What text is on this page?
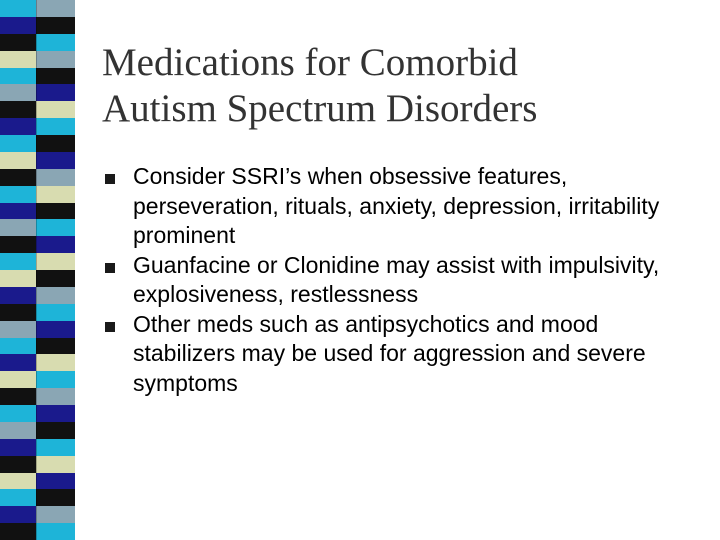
Medications for Comorbid
Autism Spectrum Disorders
Consider SSRI’s when obsessive features, perseveration, rituals, anxiety, depression, irritability prominent
Guanfacine or Clonidine may assist with impulsivity, explosiveness, restlessness
Other meds such as antipsychotics and mood stabilizers may be used for aggression and severe symptoms
